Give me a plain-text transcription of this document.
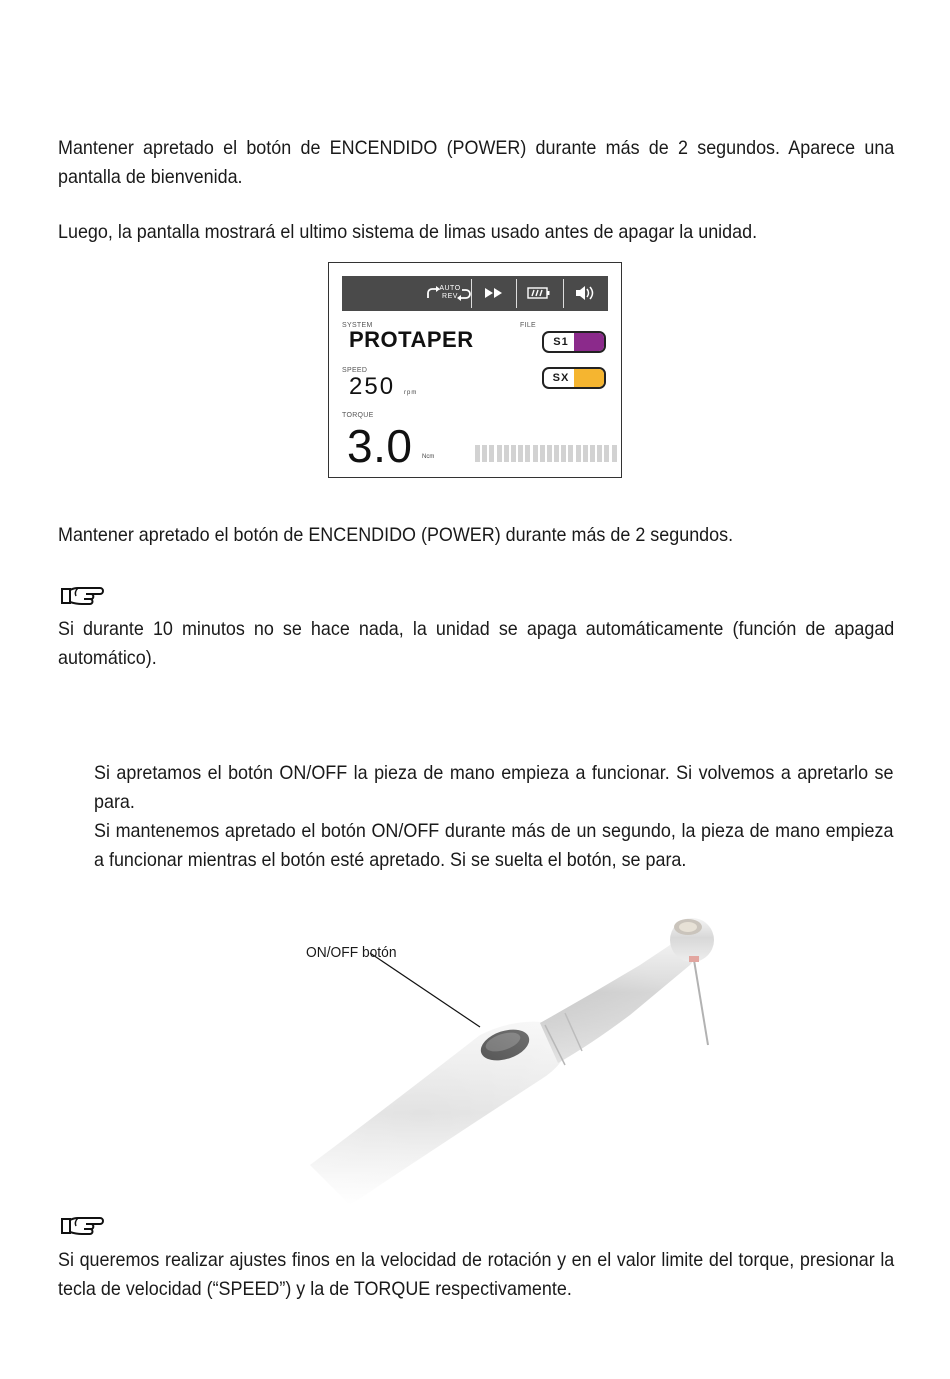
Mantener apretado el botón de ENCENDIDO (POWER) durante más de 2 segundos. Aparece una pantalla de bienvenida.

Luego, la pantalla mostrará el ultimo sistema de limas usado antes de apagar la unidad.

AUTO
REV
SYSTEM
PROTAPER
FILE
S1
SX
SPEED
250 rpm
TORQUE
3.0 Ncm

Mantener apretado el botón de ENCENDIDO (POWER) durante más de 2 segundos.

Si durante 10 minutos no se hace nada, la unidad se apaga automáticamente (función de apagad automático).

Si apretamos el botón ON/OFF la pieza de mano empieza a funcionar. Si volvemos a apretarlo se para.

Si mantenemos apretado el botón ON/OFF durante más de un segundo, la pieza de mano empieza a funcionar mientras el botón esté apretado. Si se suelta el botón, se para.

ON/OFF botón

Si queremos realizar ajustes finos en la velocidad de rotación y en el valor limite del torque, presionar la tecla de velocidad (“SPEED”) y la de TORQUE respectivamente.
